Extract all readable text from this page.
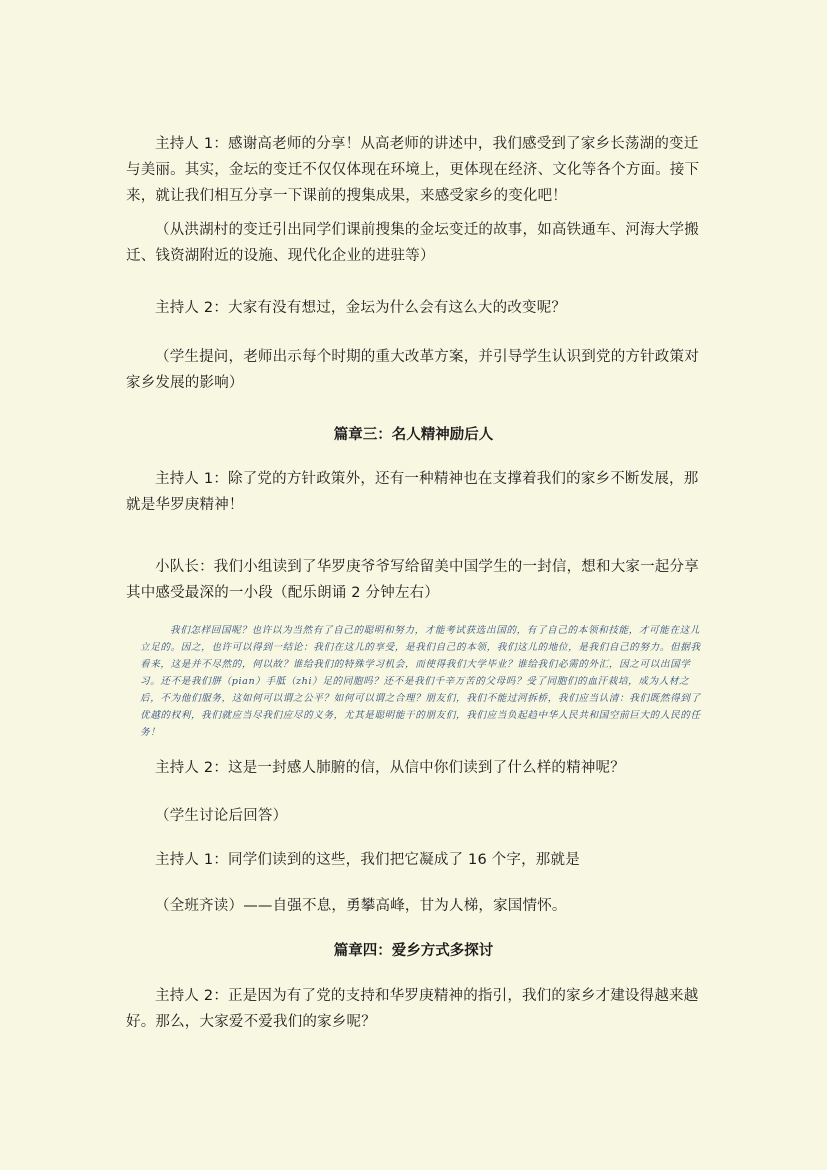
主持人 1：感谢高老师的分享！从高老师的讲述中，我们感受到了家乡长荡湖的变迁与美丽。其实，金坛的变迁不仅仅体现在环境上，更体现在经济、文化等各个方面。接下来，就让我们相互分享一下课前的搜集成果，来感受家乡的变化吧！

（从洪湖村的变迁引出同学们课前搜集的金坛变迁的故事，如高铁通车、河海大学搬迁、钱资湖附近的设施、现代化企业的进驻等）

主持人 2：大家有没有想过，金坛为什么会有这么大的改变呢？

（学生提问，老师出示每个时期的重大改革方案，并引导学生认识到党的方针政策对家乡发展的影响）

篇章三：名人精神励后人

主持人 1：除了党的方针政策外，还有一种精神也在支撑着我们的家乡不断发展，那就是华罗庚精神！

小队长：我们小组读到了华罗庚爷爷写给留美中国学生的一封信，想和大家一起分享其中感受最深的一小段（配乐朗诵 2 分钟左右）

我们怎样回国呢？也许以为当然有了自己的聪明和努力，才能考试获选出国的，有了自己的本领和技能，才可能在这儿立足的。因之，也许可以得到一结论：我们在这儿的享受，是我们自己的本领，我们这儿的地位，是我们自己的努力。但据我看来，这是并不尽然的，何以故？谁给我们的特殊学习机会，而使得我们大学毕业？谁给我们必需的外汇，因之可以出国学习。还不是我们胼（pian）手胝（zhi）足的同胞吗？还不是我们千辛万苦的父母吗？受了同胞们的血汗栽培，成为人材之后，不为他们服务，这如何可以谓之公平？如何可以谓之合理？朋友们，我们不能过河拆桥，我们应当认清：我们既然得到了优越的权利，我们就应当尽我们应尽的义务，尤其是聪明能干的朋友们，我们应当负起趋中华人民共和国空前巨大的人民的任务！

主持人 2：这是一封感人肺腑的信，从信中你们读到了什么样的精神呢？

（学生讨论后回答）

主持人 1：同学们读到的这些，我们把它凝成了 16 个字，那就是

（全班齐读）——自强不息，勇攀高峰，甘为人梯，家国情怀。

篇章四：爱乡方式多探讨

主持人 2：正是因为有了党的支持和华罗庚精神的指引，我们的家乡才建设得越来越好。那么，大家爱不爱我们的家乡呢？
